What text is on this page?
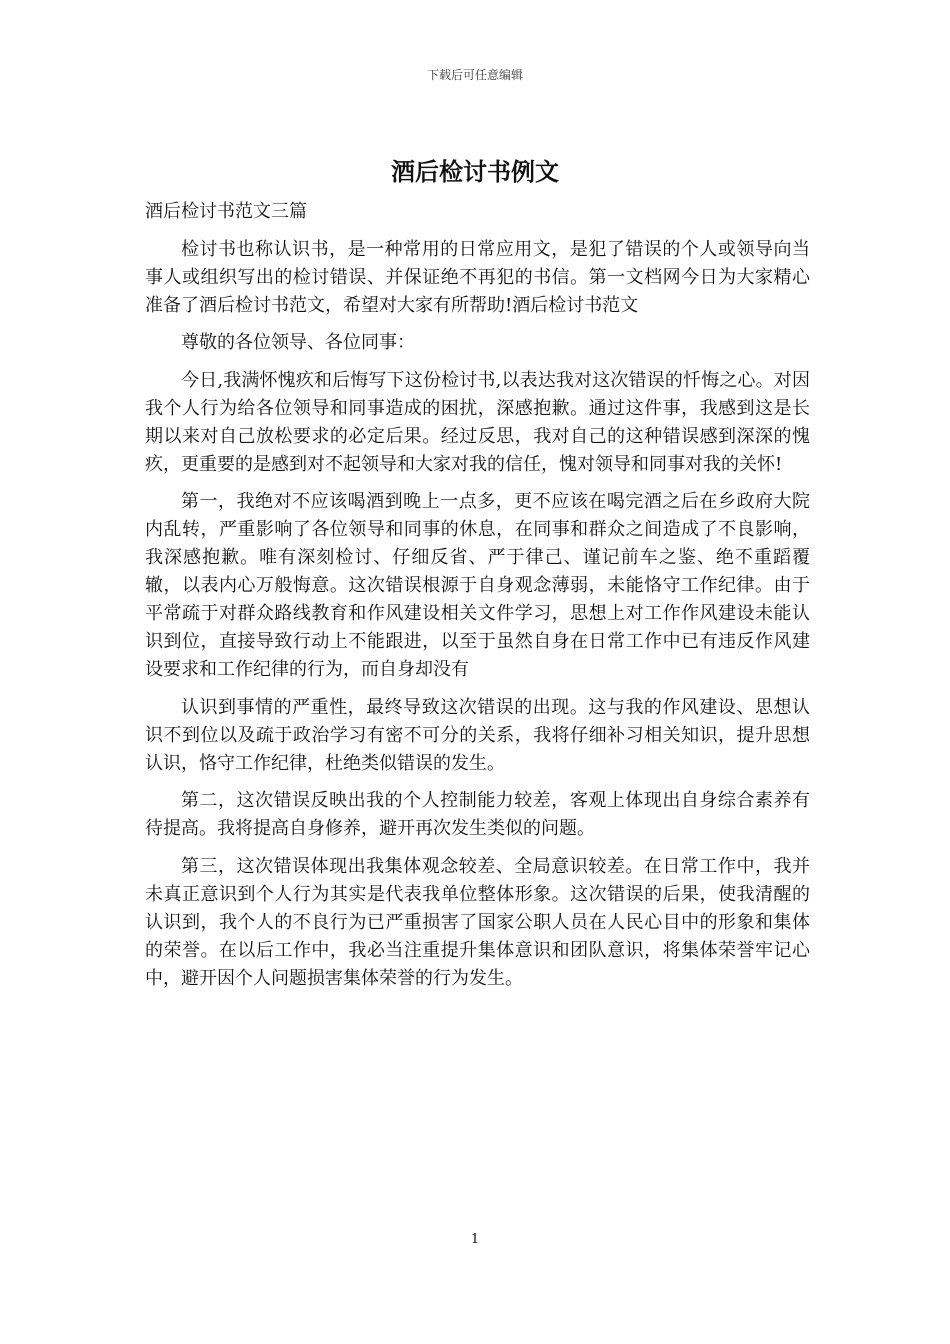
下载后可任意编辑
酒后检讨书例文

酒后检讨书范文三篇

检讨书也称认识书，是一种常用的日常应用文，是犯了错误的个人或领导向当事人或组织写出的检讨错误、并保证绝不再犯的书信。第一文档网今日为大家精心准备了酒后检讨书范文，希望对大家有所帮助!酒后检讨书范文

尊敬的各位领导、各位同事：

今日,我满怀愧疚和后悔写下这份检讨书,以表达我对这次错误的忏悔之心。对因我个人行为给各位领导和同事造成的困扰，深感抱歉。通过这件事，我感到这是长期以来对自己放松要求的必定后果。经过反思，我对自己的这种错误感到深深的愧疚，更重要的是感到对不起领导和大家对我的信任，愧对领导和同事对我的关怀!

第一，我绝对不应该喝酒到晚上一点多，更不应该在喝完酒之后在乡政府大院内乱转，严重影响了各位领导和同事的休息，在同事和群众之间造成了不良影响，我深感抱歉。唯有深刻检讨、仔细反省、严于律己、谨记前车之鉴、绝不重蹈覆辙，以表内心万般悔意。这次错误根源于自身观念薄弱，未能恪守工作纪律。由于平常疏于对群众路线教育和作风建设相关文件学习，思想上对工作作风建设未能认识到位，直接导致行动上不能跟进，以至于虽然自身在日常工作中已有违反作风建设要求和工作纪律的行为，而自身却没有

认识到事情的严重性，最终导致这次错误的出现。这与我的作风建设、思想认识不到位以及疏于政治学习有密不可分的关系，我将仔细补习相关知识，提升思想认识，恪守工作纪律，杜绝类似错误的发生。

第二，这次错误反映出我的个人控制能力较差，客观上体现出自身综合素养有待提高。我将提高自身修养，避开再次发生类似的问题。

第三，这次错误体现出我集体观念较差、全局意识较差。在日常工作中，我并未真正意识到个人行为其实是代表我单位整体形象。这次错误的后果，使我清醒的认识到，我个人的不良行为已严重损害了国家公职人员在人民心目中的形象和集体的荣誉。在以后工作中，我必当注重提升集体意识和团队意识，将集体荣誉牢记心中，避开因个人问题损害集体荣誉的行为发生。

1
